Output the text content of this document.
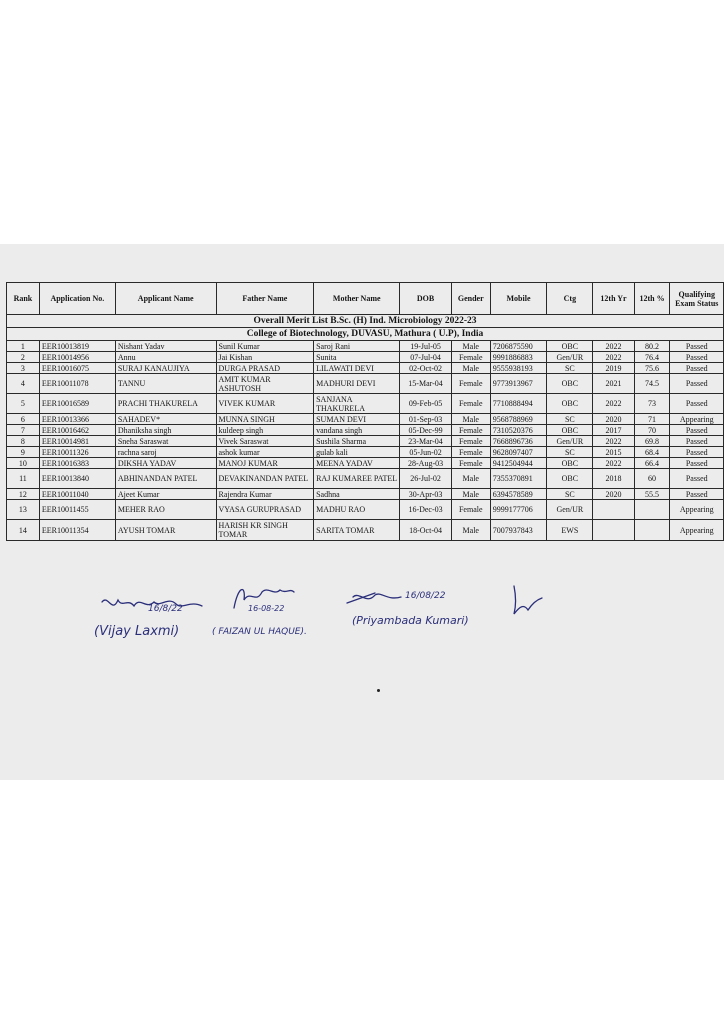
Overall Merit List B.Sc. (H) Ind. Microbiology 2022-23											
College of Biotechnology, DUVASU, Mathura ( U.P), India											
Rank	Application No.	Applicant Name	Father Name	Mother Name	DOB	Gender	Mobile	Ctg	12th Yr	12th %	Qualifying Exam Status
1	EER10013819	Nishant Yadav	Sunil Kumar	Saroj Rani	19-Jul-05	Male	7206875590	OBC	2022	80.2	Passed
2	EER10014956	Annu	Jai Kishan	Sunita	07-Jul-04	Female	9991886883	Gen/UR	2022	76.4	Passed
3	EER10016075	SURAJ KANAUJIYA	DURGA PRASAD	LILAWATI DEVI	02-Oct-02	Male	9555938193	SC	2019	75.6	Passed
4	EER10011078	TANNU	AMIT KUMAR ASHUTOSH	MADHURI DEVI	15-Mar-04	Female	9773913967	OBC	2021	74.5	Passed
5	EER10016589	PRACHI THAKURELA	VIVEK KUMAR	SANJANA THAKURELA	09-Feb-05	Female	7710888494	OBC	2022	73	Passed
6	EER10013366	SAHADEV*	MUNNA SINGH	SUMAN DEVI	01-Sep-03	Male	9568788969	SC	2020	71	Appearing
7	EER10016462	Dhaniksha singh	kuldeep singh	vandana singh	05-Dec-99	Female	7310520376	OBC	2017	70	Passed
8	EER10014981	Sneha Saraswat	Vivek Saraswat	Sushila Sharma	23-Mar-04	Female	7668896736	Gen/UR	2022	69.8	Passed
9	EER10011326	rachna saroj	ashok kumar	gulab kali	05-Jun-02	Female	9628097407	SC	2015	68.4	Passed
10	EER10016383	DIKSHA YADAV	MANOJ KUMAR	MEENA YADAV	28-Aug-03	Female	9412504944	OBC	2022	66.4	Passed
11	EER10013840	ABHINANDAN PATEL	DEVAKINANDAN PATEL	RAJ KUMAREE PATEL	26-Jul-02	Male	7355370891	OBC	2018	60	Passed
12	EER10011040	Ajeet Kumar	Rajendra Kumar	Sadhna	30-Apr-03	Male	6394578589	SC	2020	55.5	Passed
13	EER10011455	MEHER RAO	VYASA GURUPRASAD	MADHU RAO	16-Dec-03	Female	9999177706	Gen/UR			Appearing
14	EER10011354	AYUSH TOMAR	HARISH KR SINGH TOMAR	SARITA TOMAR	18-Oct-04	Male	7007937843	EWS			Appearing
16/8/22
(Vijay Laxmi)
16-08-22
( FAIZAN UL HAQUE).
16/08/22
(Priyambada Kumari)
